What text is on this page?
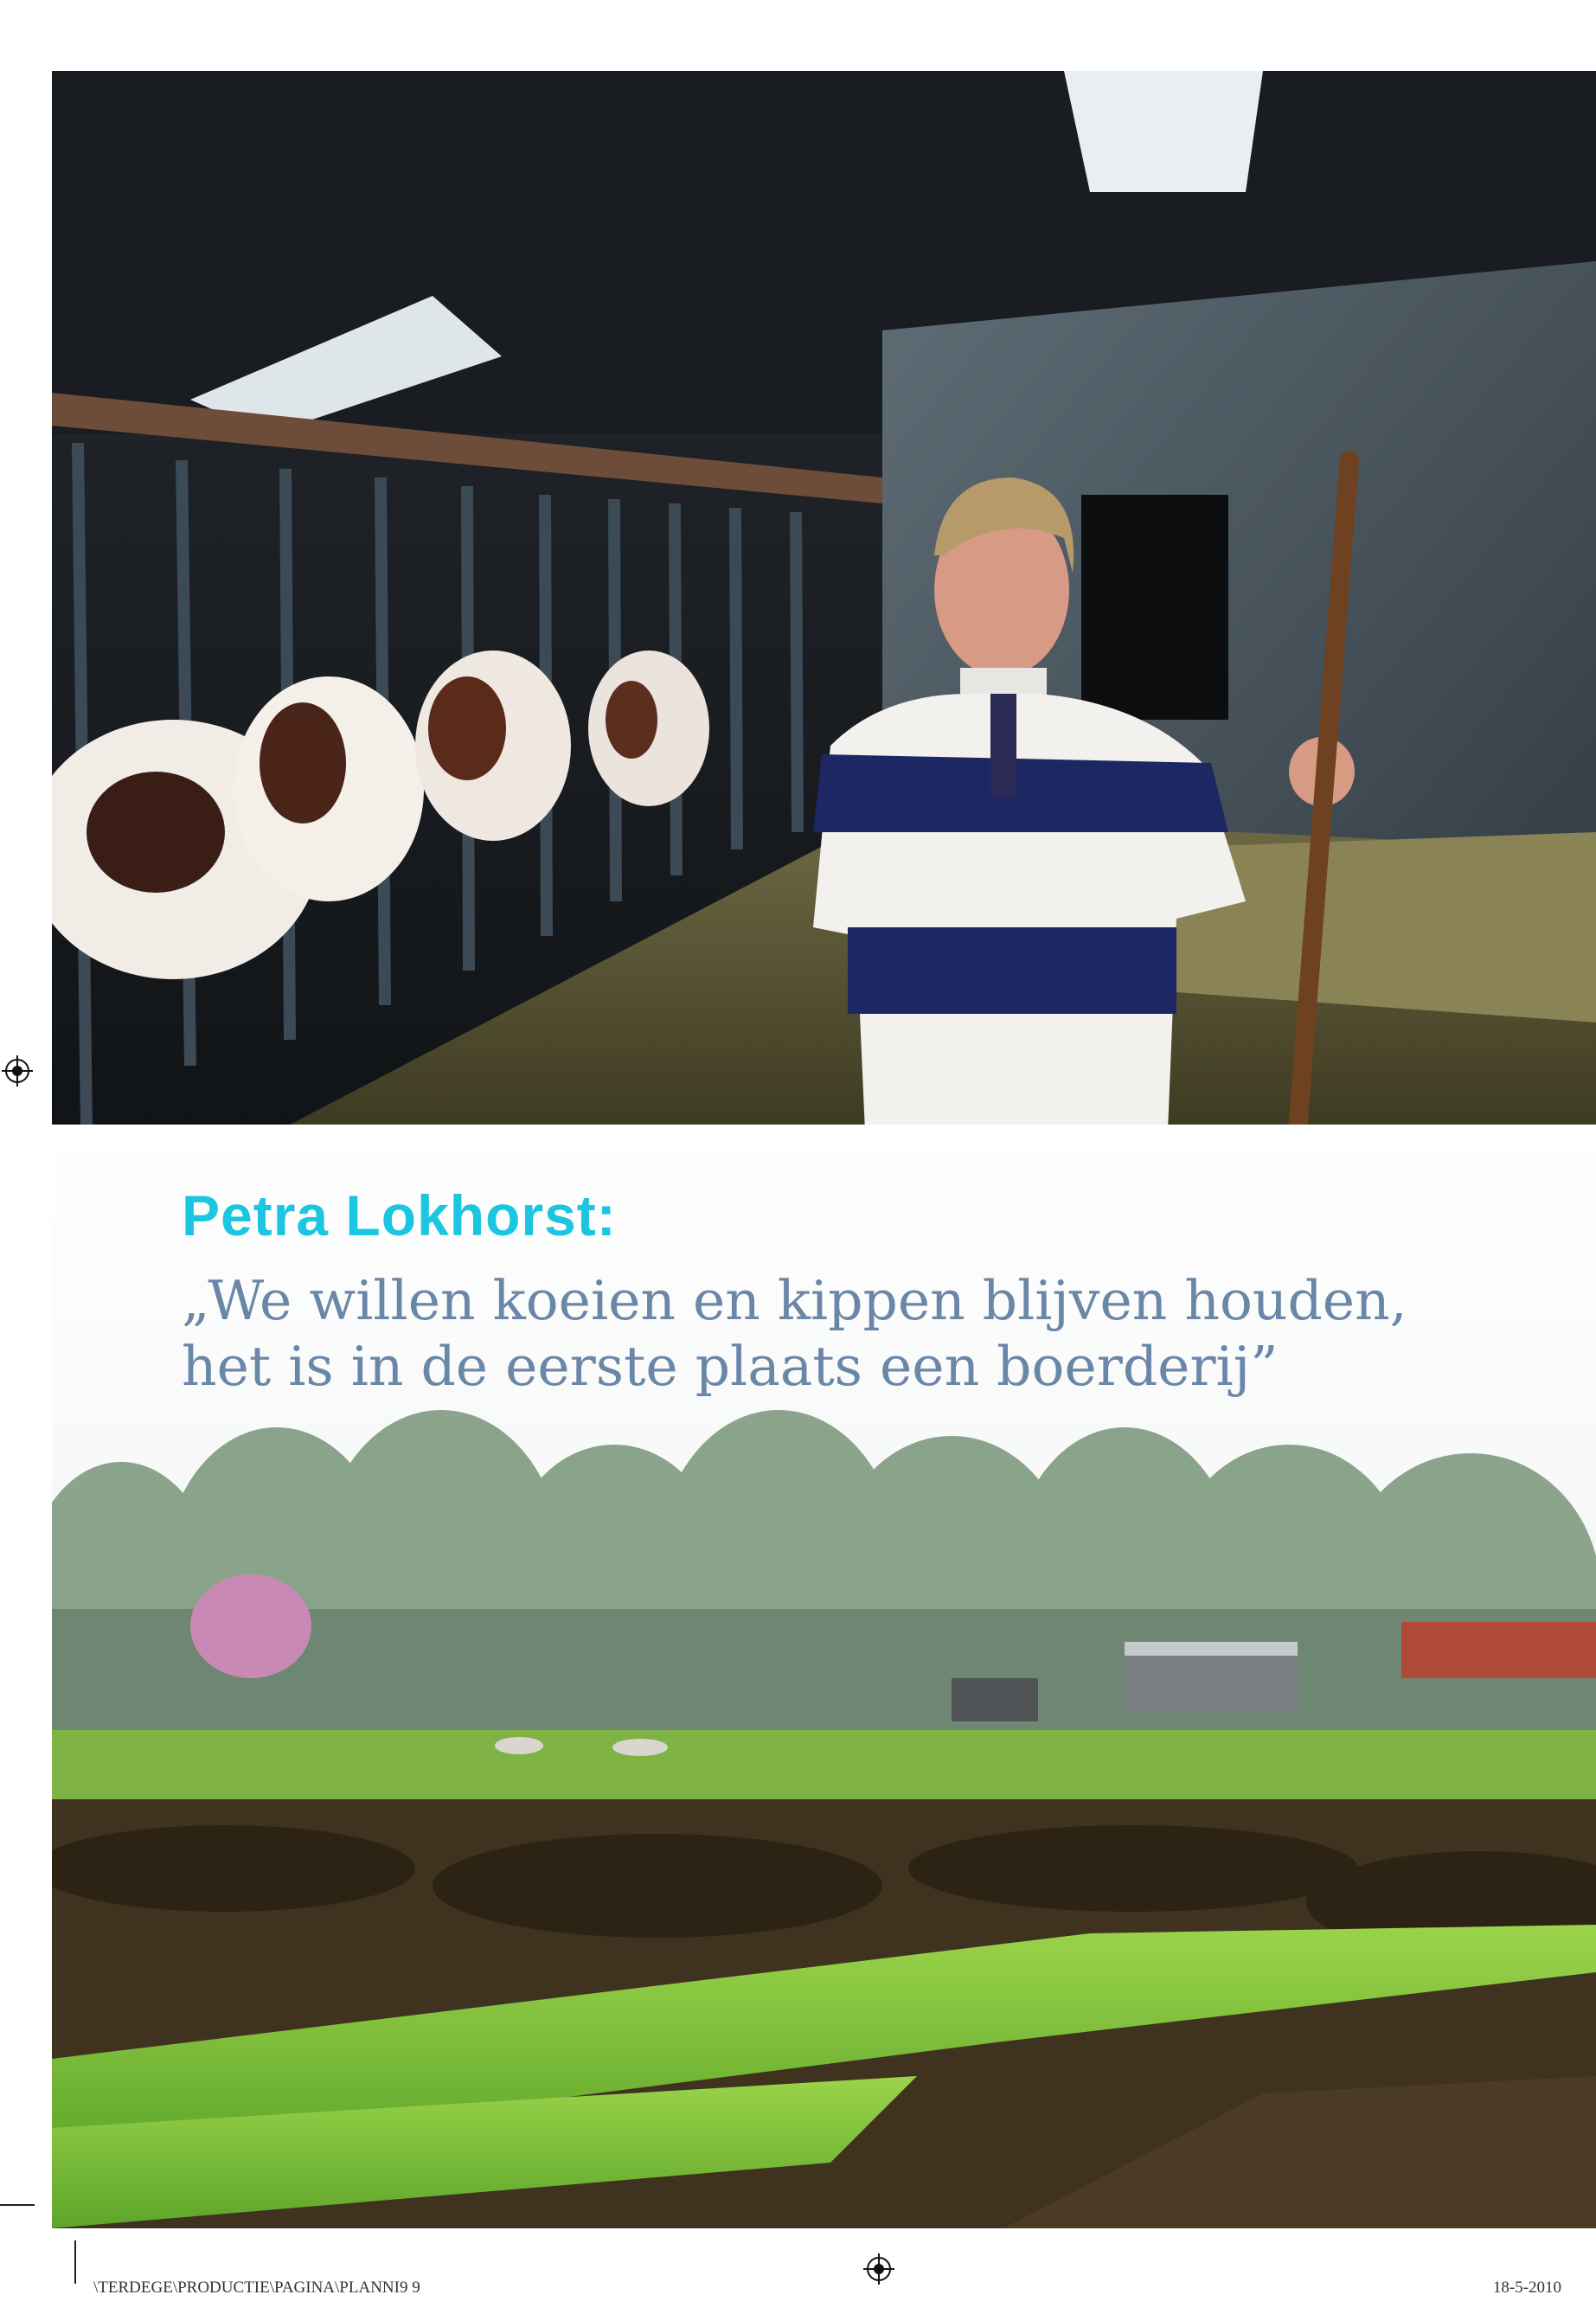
Petra Lokhorst:

„We willen koeien en kippen blijven houden,
het is in de eerste plaats een boerderij”

\TERDEGE\PRODUCTIE\PAGINA\PLANNI9 9	18-5-2010
